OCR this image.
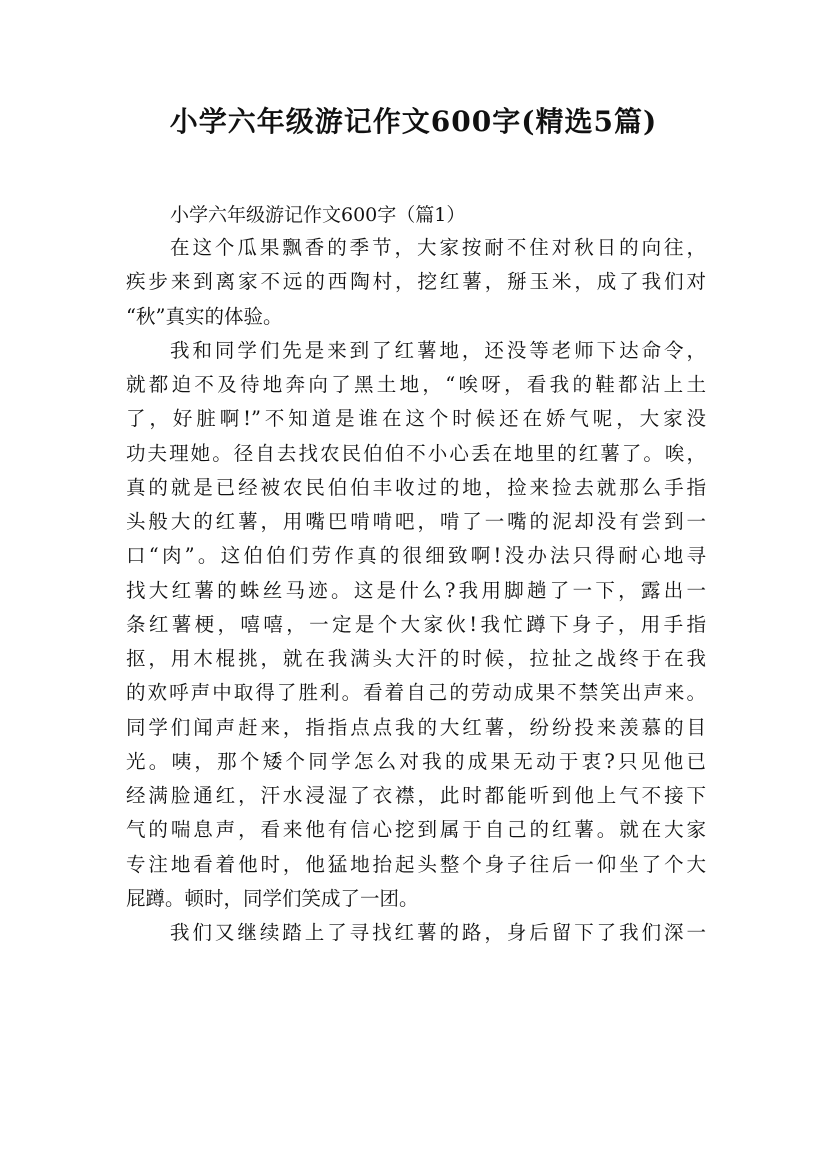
小学六年级游记作文600字(精选5篇)

小学六年级游记作文600字（篇1）

在这个瓜果飘香的季节，大家按耐不住对秋日的向往，
疾步来到离家不远的西陶村，挖红薯，掰玉米，成了我们对
“秋”真实的体验。
我和同学们先是来到了红薯地，还没等老师下达命令，
就都迫不及待地奔向了黑土地，“唉呀，看我的鞋都沾上土
了，好脏啊!”不知道是谁在这个时候还在娇气呢，大家没
功夫理她。径自去找农民伯伯不小心丢在地里的红薯了。唉，
真的就是已经被农民伯伯丰收过的地，捡来捡去就那么手指
头般大的红薯，用嘴巴啃啃吧，啃了一嘴的泥却没有尝到一
口“肉”。这伯伯们劳作真的很细致啊!没办法只得耐心地寻
找大红薯的蛛丝马迹。这是什么?我用脚趟了一下，露出一
条红薯梗，嘻嘻，一定是个大家伙!我忙蹲下身子，用手指
抠，用木棍挑，就在我满头大汗的时候，拉扯之战终于在我
的欢呼声中取得了胜利。看着自己的劳动成果不禁笑出声来。
同学们闻声赶来，指指点点我的大红薯，纷纷投来羡慕的目
光。咦，那个矮个同学怎么对我的成果无动于衷?只见他已
经满脸通红，汗水浸湿了衣襟，此时都能听到他上气不接下
气的喘息声，看来他有信心挖到属于自己的红薯。就在大家
专注地看着他时，他猛地抬起头整个身子往后一仰坐了个大
屁蹲。顿时，同学们笑成了一团。
我们又继续踏上了寻找红薯的路，身后留下了我们深一
